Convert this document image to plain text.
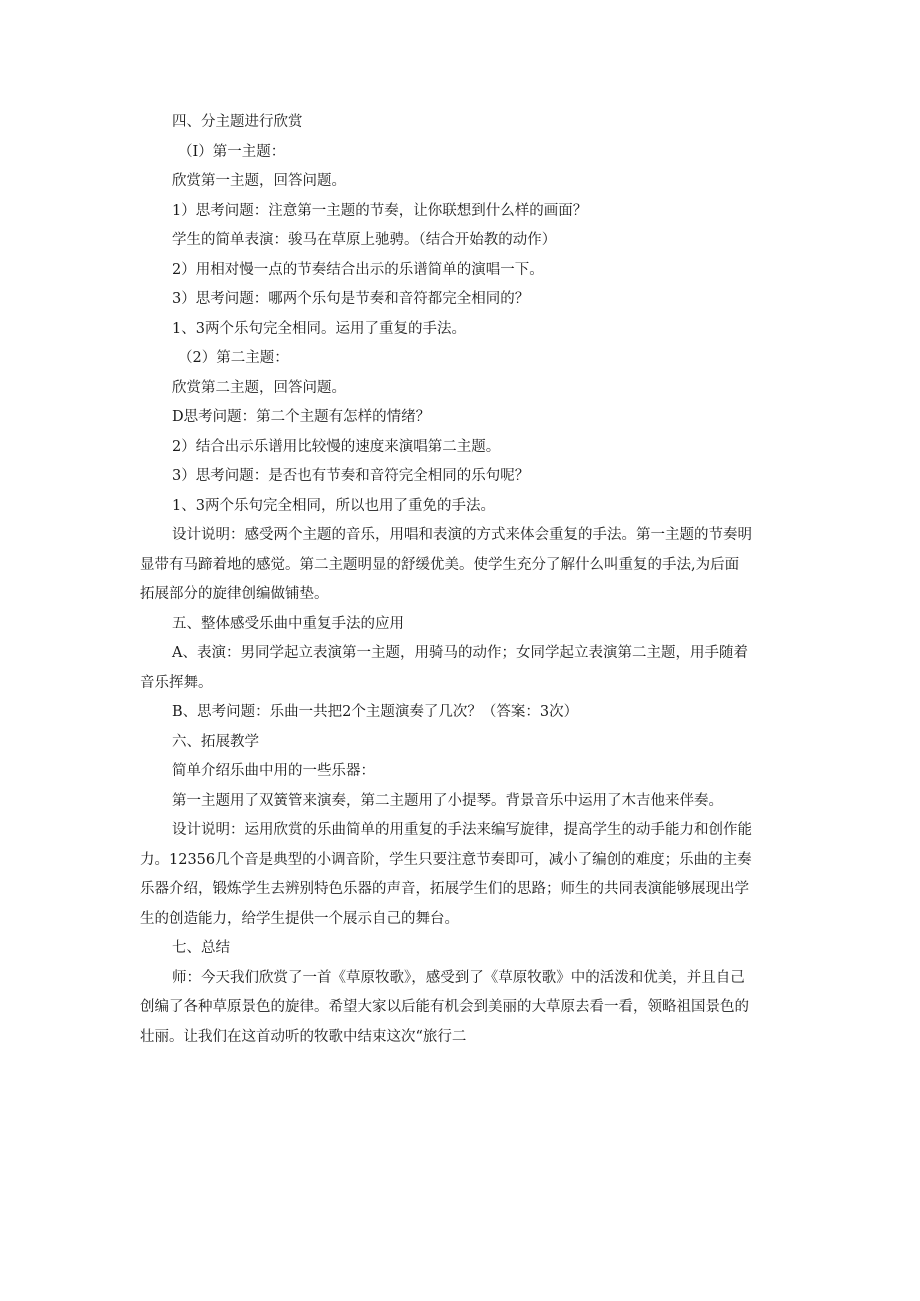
四、分主题进行欣赏

（I）第一主题：

欣赏第一主题，回答问题。

1）思考问题：注意第一主题的节奏，让你联想到什么样的画面？

学生的简单表演：骏马在草原上驰骋。（结合开始教的动作）

2）用相对慢一点的节奏结合出示的乐谱简单的演唱一下。

3）思考问题：哪两个乐句是节奏和音符都完全相同的？

1、3两个乐句完全相同。运用了重复的手法。

（2）第二主题：

欣赏第二主题，回答问题。

D思考问题：第二个主题有怎样的情绪？

2）结合出示乐谱用比较慢的速度来演唱第二主题。

3）思考问题：是否也有节奏和音符完全相同的乐句呢？

1、3两个乐句完全相同，所以也用了重免的手法。

设计说明：感受两个主题的音乐，用唱和表演的方式来体会重复的手法。第一主题的节奏明

显带有马蹄着地的感觉。第二主题明显的舒缓优美。使学生充分了解什么叫重复的手法,为后面

拓展部分的旋律创编做铺垫。

五、整体感受乐曲中重复手法的应用

A、表演：男同学起立表演第一主题，用骑马的动作；女同学起立表演第二主题，用手随着

音乐挥舞。

B、思考问题：乐曲一共把2个主题演奏了几次？（答案：3次）

六、拓展教学

简单介绍乐曲中用的一些乐器：

第一主题用了双簧管来演奏，第二主题用了小提琴。背景音乐中运用了木吉他来伴奏。

设计说明：运用欣赏的乐曲简单的用重复的手法来编写旋律，提高学生的动手能力和创作能

力。12356几个音是典型的小调音阶，学生只要注意节奏即可，减小了编创的难度；乐曲的主奏

乐器介绍，锻炼学生去辨别特色乐器的声音，拓展学生们的思路；师生的共同表演能够展现出学

生的创造能力，给学生提供一个展示自己的舞台。

七、总结

师：今天我们欣赏了一首《草原牧歌》，感受到了《草原牧歌》中的活泼和优美，并且自己

创编了各种草原景色的旋律。希望大家以后能有机会到美丽的大草原去看一看，领略祖国景色的

壮丽。让我们在这首动听的牧歌中结束这次“旅行二
